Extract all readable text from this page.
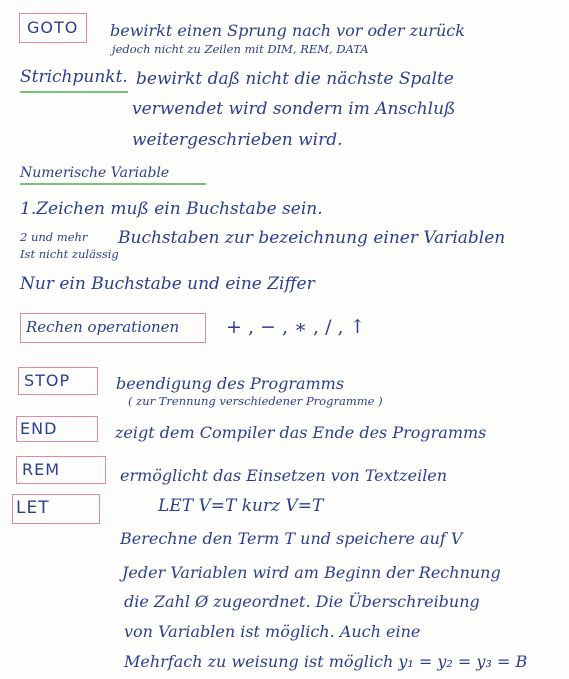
GOTO bewirkt einen Sprung nach vor oder zurück
jedoch nicht zu Zeilen mit DIM, REM, DATA
Strichpunkt. bewirkt daß nicht die nächste Spalte
verwendet wird sondern im Anschluß
weitergeschrieben wird.
Numerische Variable
1.Zeichen muß ein Buchstabe sein.
2 und mehr Buchstaben zur bezeichnung einer Variablen
Ist nicht zulässig
Nur ein Buchstabe und eine Ziffer
Rechen operationen + , − , ∗ , / , ↑
STOP	beendigung des Programms
( zur Trennung verschiedener Programme )
END	zeigt dem Compiler das Ende des Programms
REM	ermöglicht das Einsetzen von Textzeilen
LET	LET V=T kurz V=T
Berechne den Term T und speichere auf V
Jeder Variablen wird am Beginn der Rechnung
die Zahl Ø zugeordnet. Die Überschreibung
von Variablen ist möglich. Auch eine
Mehrfach zu weisung ist möglich y₁ = y₂ = y₃ = B
